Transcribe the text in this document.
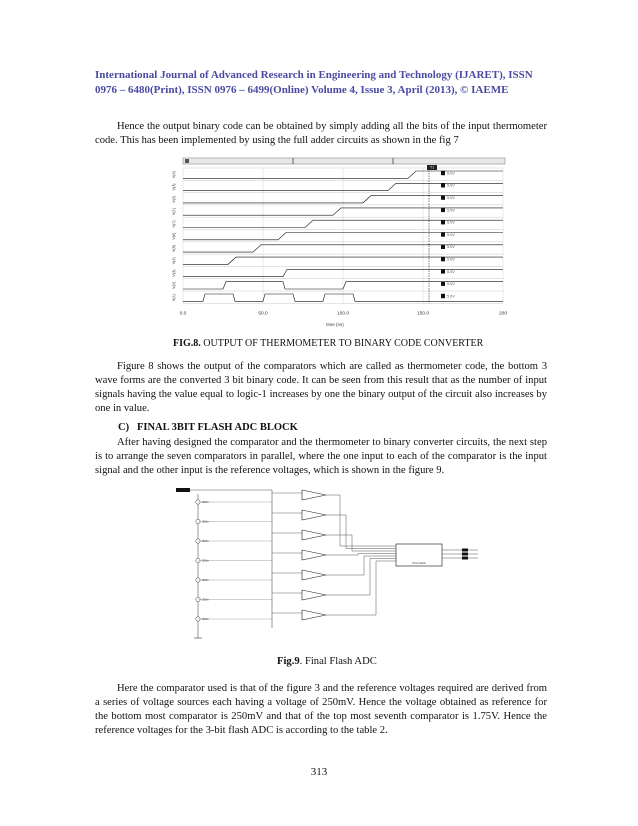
International Journal of Advanced Research in Engineering and Technology (IJARET), ISSN
0976 – 6480(Print), ISSN 0976 – 6499(Online) Volume 4, Issue 3, April (2013), © IAEME

Hence the output binary code can be obtained by simply adding all the bits of the input thermometer code. This has been implemented by using the full adder circuits as shown in the fig 7

V(4)	5.0V
V(3)	5.0V
V(2)	5.0V
V(1)	5.0V
V(7)	5.0V
V(6)	5.0V
V(5)	5.0V
V(4)	5.0V
V(3)	5.0V
V(2)	5.0V
V(1)	5.0V
T1
0.0	50.0	100.0	150.0	200
time (ns)
FIG.8. OUTPUT OF THERMOMETER TO BINARY CODE CONVERTER

Figure 8 shows the output of the comparators which are called as thermometer code, the bottom 3 wave forms are the converted 3 bit binary code. It can be seen from this result that as the number of input signals having the value equal to logic-1 increases by one the binary output of the circuit also increases by one in value.

C) FINAL 3BIT FLASH ADC BLOCK

After having designed the comparator and the thermometer to binary converter circuits, the next step is to arrange the seven comparators in parallel, where the one input to each of the comparator is the input signal and the other input is the reference voltages, which is shown in the figure 9.

250m
250m
250m
250m
250m
250m
250m
Thermo2bin
Fig.9. Final Flash ADC

Here the comparator used is that of the figure 3 and the reference voltages required are derived from a series of voltage sources each having a voltage of 250mV. Hence the voltage obtained as reference for the bottom most comparator is 250mV and that of the top most seventh comparator is 1.75V. Hence the reference voltages for the 3-bit flash ADC is according to the table 2.

313
